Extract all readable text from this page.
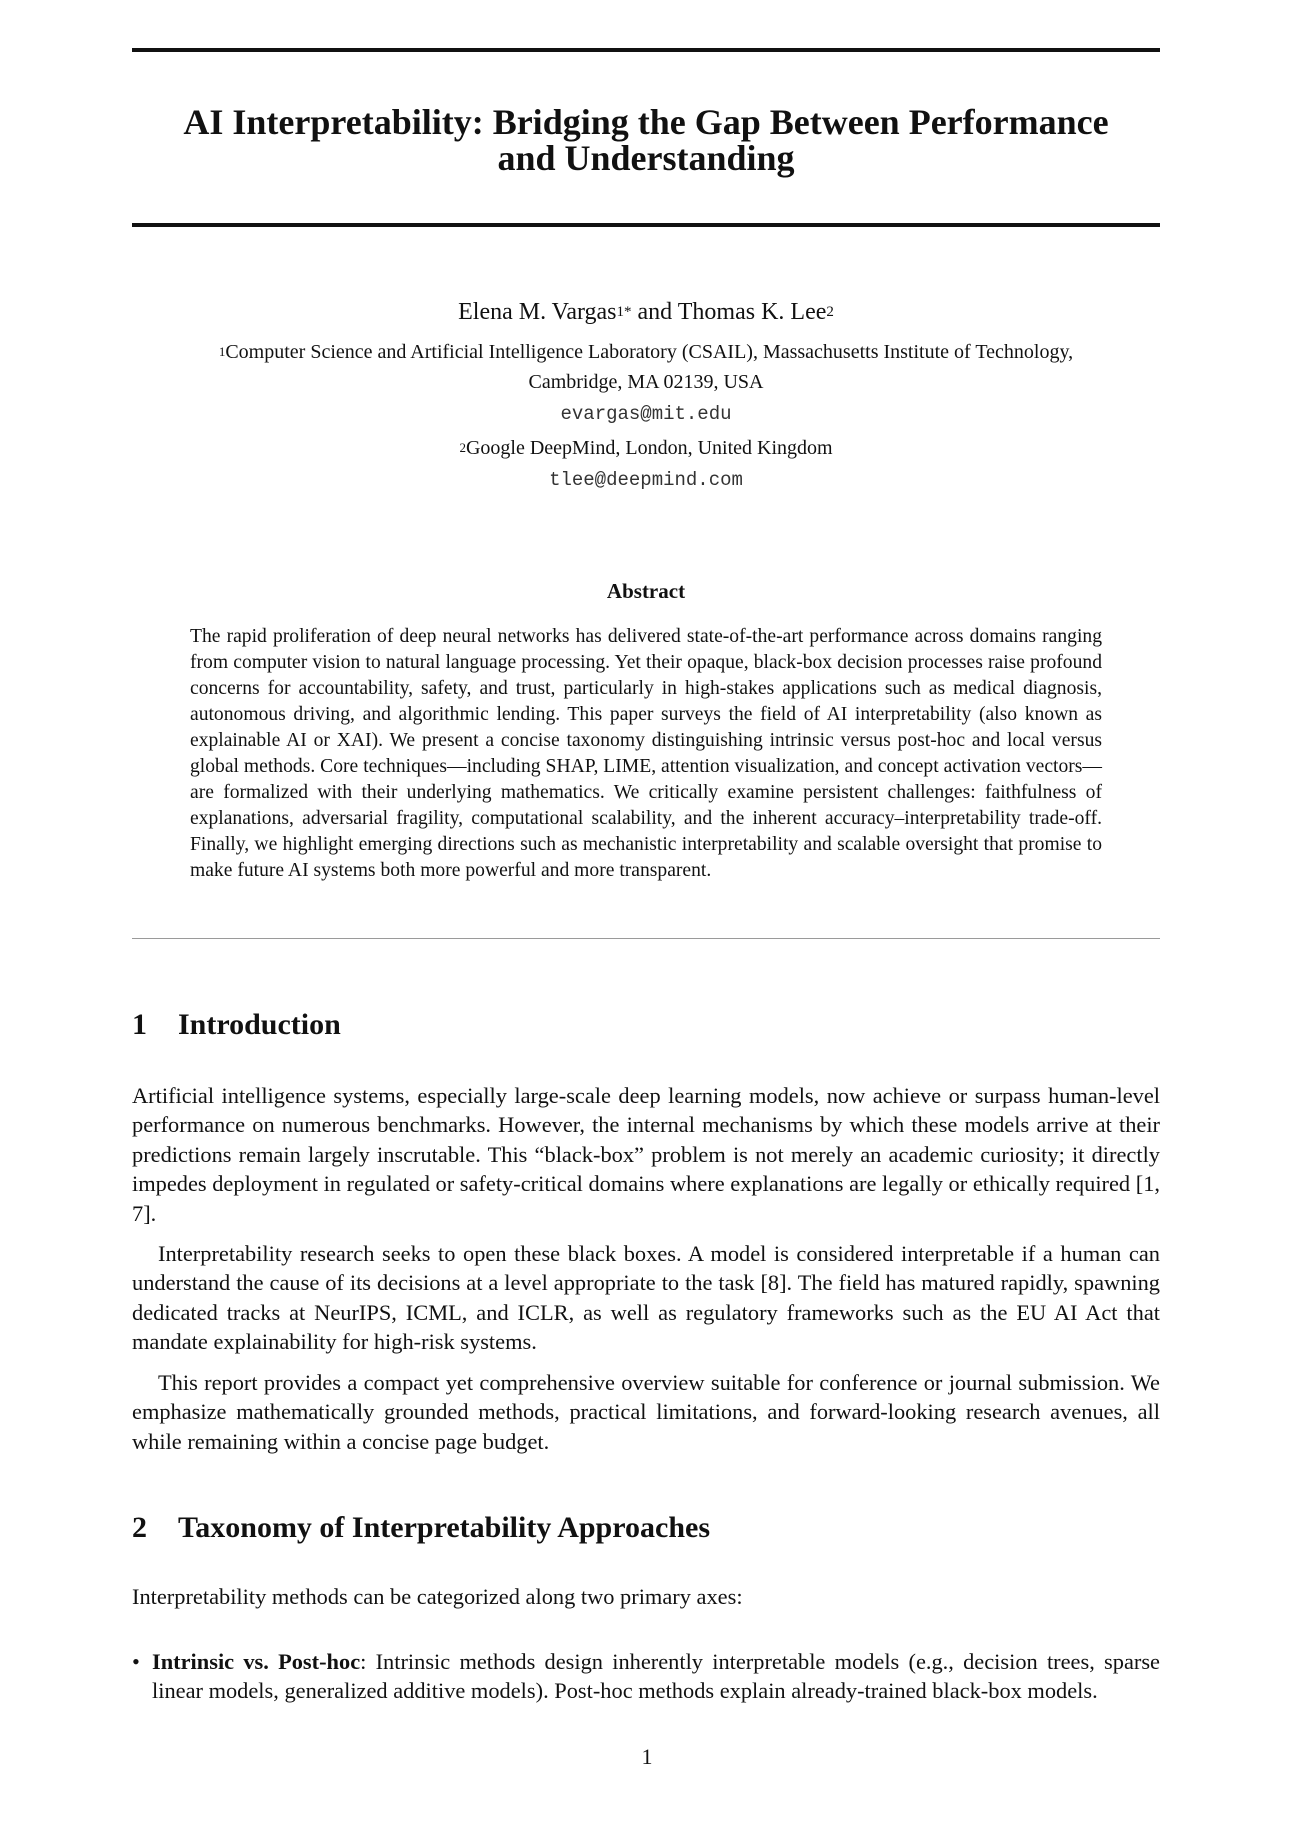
AI Interpretability: Bridging the Gap Between Performance
and Understanding
Elena M. Vargas$^{1*}$ and Thomas K. Lee$^2$
$^1$Computer Science and Artificial Intelligence Laboratory (CSAIL), Massachusetts Institute of Technology,
Cambridge, MA 02139, USA
evargas@mit.edu
$^2$Google DeepMind, London, United Kingdom
tlee@deepmind.com
Abstract
The rapid proliferation of deep neural networks has delivered state-of-the-art performance across domains ranging from computer vision to natural language processing. Yet their opaque, black-box decision processes raise profound concerns for accountability, safety, and trust, particularly in high-stakes applications such as medical diagnosis, autonomous driving, and algorithmic lending. This paper surveys the field of AI interpretability (also known as explainable AI or XAI). We present a concise taxonomy distinguishing intrinsic versus post-hoc and local versus global methods. Core techniques—including SHAP, LIME, attention visualization, and concept activation vectors—are formalized with their underlying mathematics. We critically examine persistent challenges: faithfulness of explanations, adversarial fragility, computational scalability, and the inherent accuracy–interpretability trade-off. Finally, we highlight emerging directions such as mechanistic interpretability and scalable oversight that promise to make future AI systems both more powerful and more transparent.
1 Introduction
Artificial intelligence systems, especially large-scale deep learning models, now achieve or surpass human-level performance on numerous benchmarks. However, the internal mechanisms by which these models arrive at their predictions remain largely inscrutable. This “black-box” problem is not merely an academic curiosity; it directly impedes deployment in regulated or safety-critical domains where explanations are legally or ethically required [1, 7].
Interpretability research seeks to open these black boxes. A model is considered interpretable if a human can understand the cause of its decisions at a level appropriate to the task [8]. The field has matured rapidly, spawning dedicated tracks at NeurIPS, ICML, and ICLR, as well as regulatory frameworks such as the EU AI Act that mandate explainability for high-risk systems.
This report provides a compact yet comprehensive overview suitable for conference or journal submission. We emphasize mathematically grounded methods, practical limitations, and forward-looking research avenues, all while remaining within a concise page budget.
2 Taxonomy of Interpretability Approaches
Interpretability methods can be categorized along two primary axes:
• Intrinsic vs. Post-hoc: Intrinsic methods design inherently interpretable models (e.g., decision trees, sparse linear models, generalized additive models). Post-hoc methods explain already-trained black-box models.
1
